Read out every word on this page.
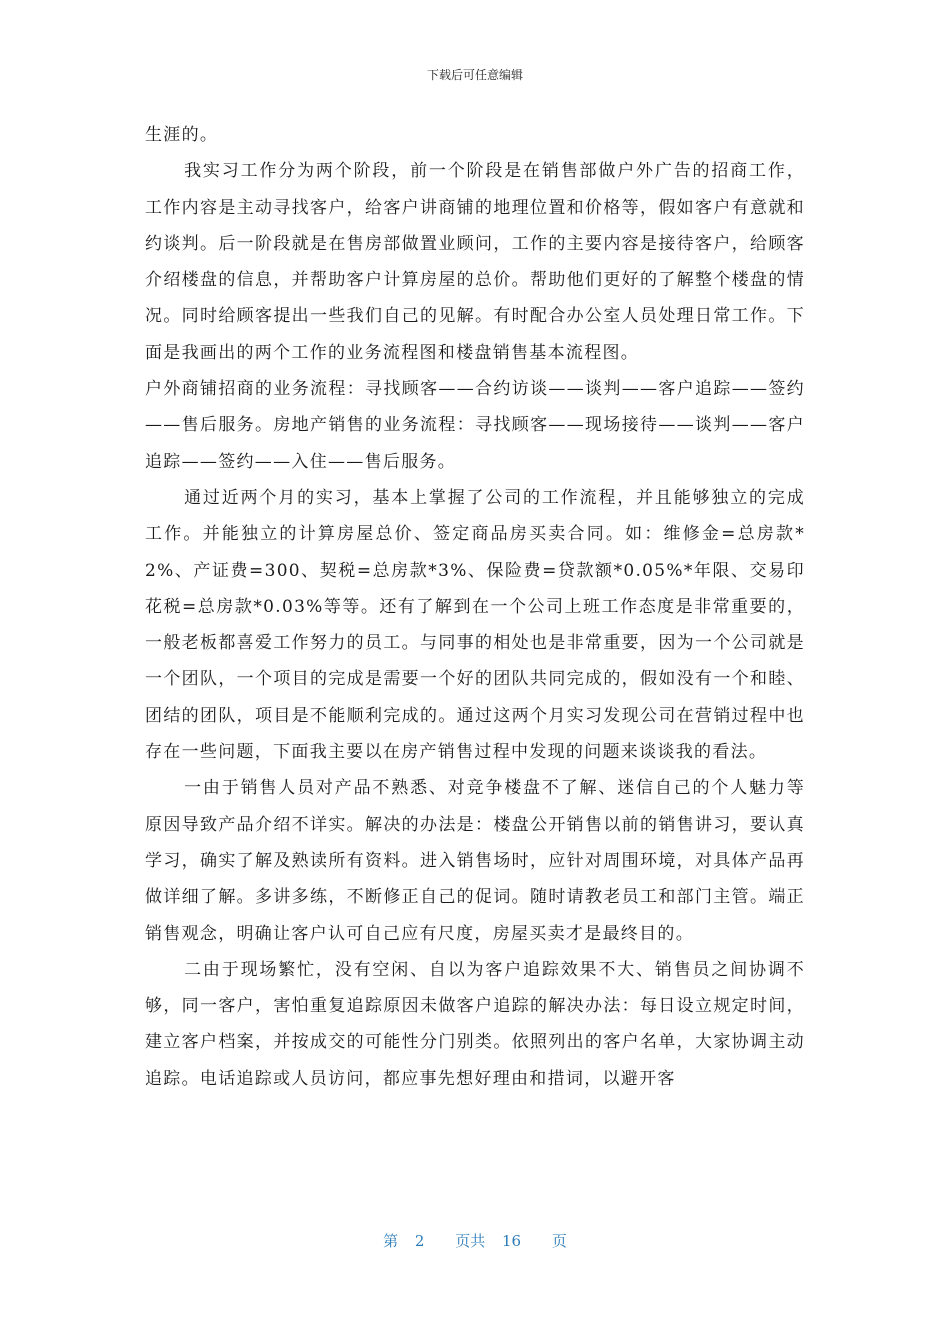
下载后可任意编辑

生涯的。

我实习工作分为两个阶段，前一个阶段是在销售部做户外广告的招商工作，工作内容是主动寻找客户，给客户讲商铺的地理位置和价格等，假如客户有意就和约谈判。后一阶段就是在售房部做置业顾问，工作的主要内容是接待客户，给顾客介绍楼盘的信息，并帮助客户计算房屋的总价。帮助他们更好的了解整个楼盘的情况。同时给顾客提出一些我们自己的见解。有时配合办公室人员处理日常工作。下面是我画出的两个工作的业务流程图和楼盘销售基本流程图。

户外商铺招商的业务流程：寻找顾客——合约访谈——谈判——客户追踪——签约——售后服务。房地产销售的业务流程：寻找顾客——现场接待——谈判——客户追踪——签约——入住——售后服务。

通过近两个月的实习，基本上掌握了公司的工作流程，并且能够独立的完成工作。并能独立的计算房屋总价、签定商品房买卖合同。如：维修金=总房款*2%、产证费=300、契税=总房款*3%、保险费=贷款额*0.05%*年限、交易印花税=总房款*0.03%等等。还有了解到在一个公司上班工作态度是非常重要的，一般老板都喜爱工作努力的员工。与同事的相处也是非常重要，因为一个公司就是一个团队，一个项目的完成是需要一个好的团队共同完成的，假如没有一个和睦、团结的团队，项目是不能顺利完成的。通过这两个月实习发现公司在营销过程中也存在一些问题，下面我主要以在房产销售过程中发现的问题来谈谈我的看法。

一由于销售人员对产品不熟悉、对竞争楼盘不了解、迷信自己的个人魅力等原因导致产品介绍不详实。解决的办法是：楼盘公开销售以前的销售讲习，要认真学习，确实了解及熟读所有资料。进入销售场时，应针对周围环境，对具体产品再做详细了解。多讲多练，不断修正自己的促词。随时请教老员工和部门主管。端正销售观念，明确让客户认可自己应有尺度，房屋买卖才是最终目的。

二由于现场繁忙，没有空闲、自以为客户追踪效果不大、销售员之间协调不够，同一客户，害怕重复追踪原因未做客户追踪的解决办法：每日设立规定时间，建立客户档案，并按成交的可能性分门别类。依照列出的客户名单，大家协调主动追踪。电话追踪或人员访问，都应事先想好理由和措词，以避开客

第 2 页共 16 页
